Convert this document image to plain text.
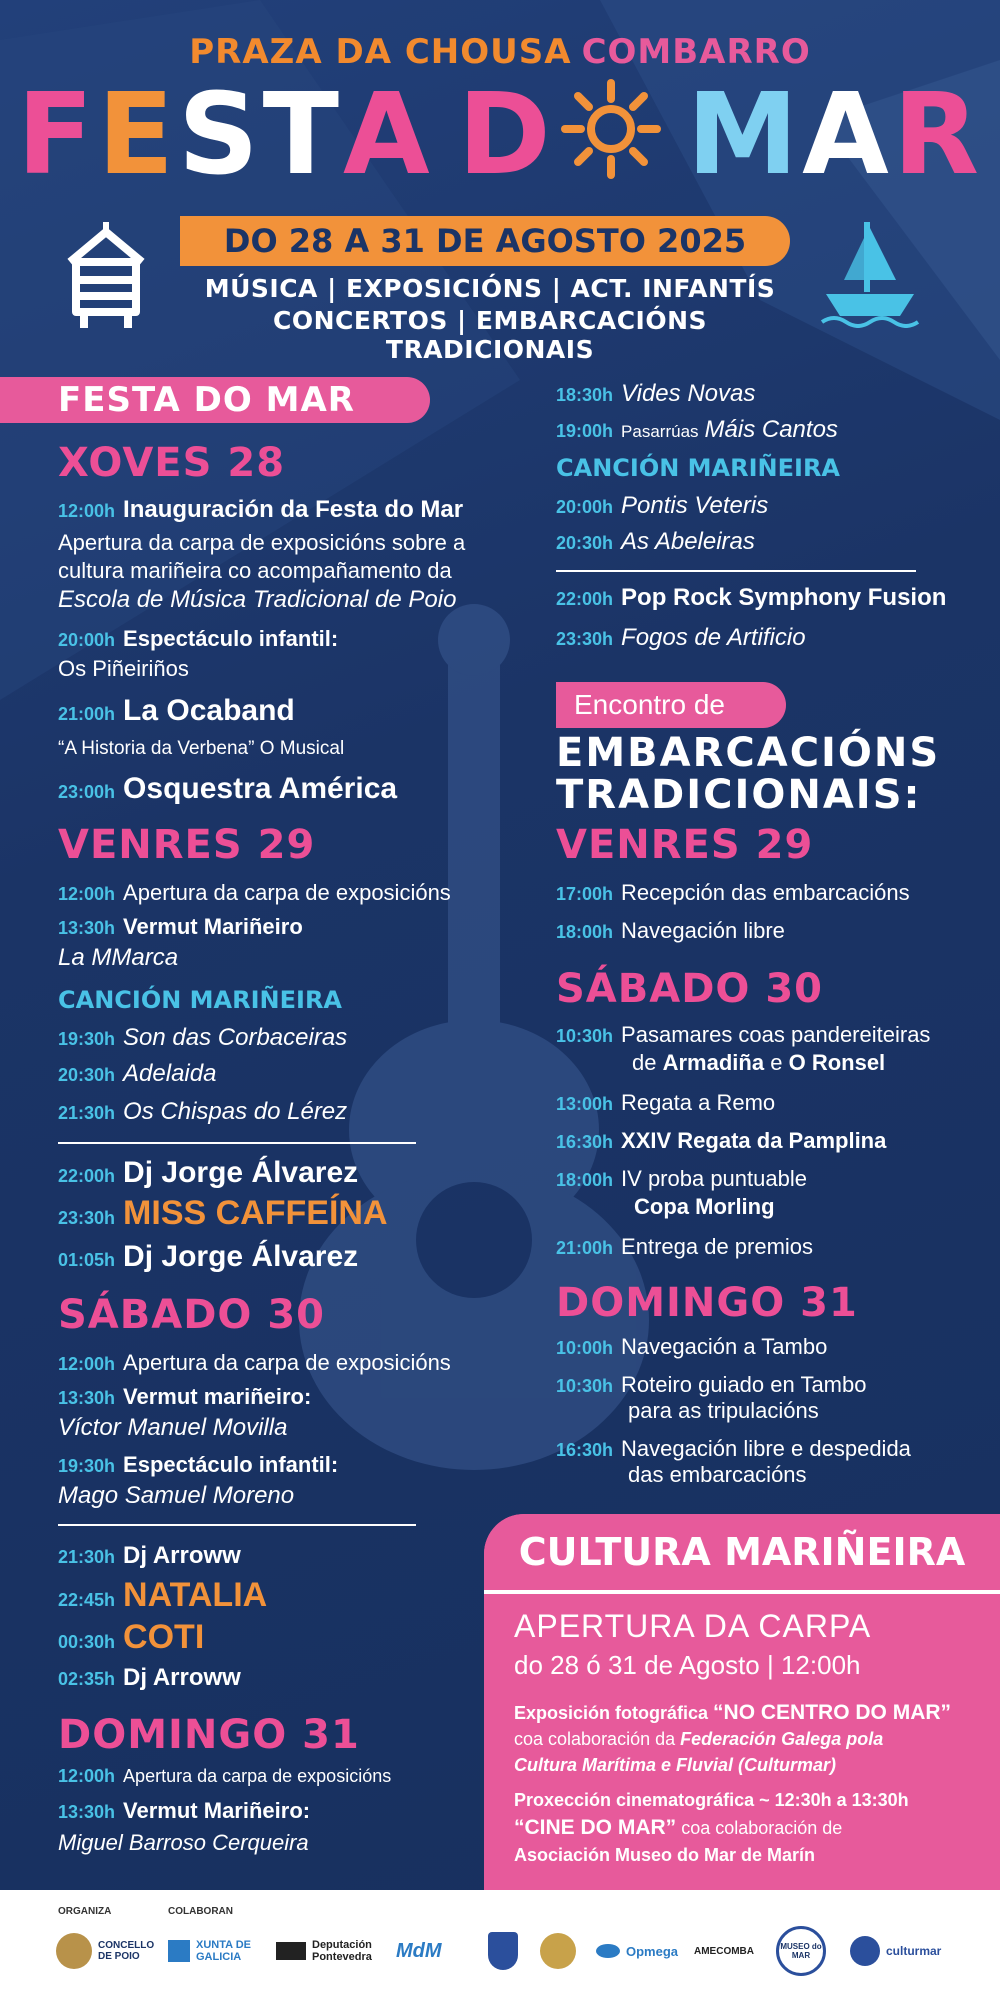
PRAZA DA CHOUSA COMBARRO
FESTA D MAR
DO 28 A 31 DE AGOSTO 2025
MÚSICA | EXPOSICIÓNS | ACT. INFANTÍS
CONCERTOS | EMBARCACIÓNS TRADICIONAIS
FESTA DO MAR
XOVES 28
12:00h Inauguración da Festa do Mar
Apertura da carpa de exposicións sobre a
cultura mariñeira co acompañamento da
Escola de Música Tradicional de Poio
20:00h Espectáculo infantil:
Os Piñeiriños
21:00h La Ocaband
“A Historia da Verbena” O Musical
23:00h Osquestra América
VENRES 29
12:00h Apertura da carpa de exposicións
13:30h Vermut Mariñeiro
La MMarca
CANCIÓN MARIÑEIRA
19:30h Son das Corbaceiras
20:30h Adelaida
21:30h Os Chispas do Lérez
22:00h Dj Jorge Álvarez
23:30h MISS CAFFEÍNA
01:05h Dj Jorge Álvarez
SÁBADO 30
12:00h Apertura da carpa de exposicións
13:30h Vermut mariñeiro:
Víctor Manuel Movilla
19:30h Espectáculo infantil:
Mago Samuel Moreno
21:30h Dj Arroww
22:45h NATALIA
00:30h COTI
02:35h Dj Arroww
DOMINGO 31
12:00h Apertura da carpa de exposicións
13:30h Vermut Mariñeiro:
Miguel Barroso Cerqueira
18:30h Vides Novas
19:00h Pasarrúas Máis Cantos
CANCIÓN MARIÑEIRA
20:00h Pontis Veteris
20:30h As Abeleiras
22:00h Pop Rock Symphony Fusion
23:30h Fogos de Artificio
Encontro de
EMBARCACIÓNS
TRADICIONAIS:
VENRES 29
17:00h Recepción das embarcacións
18:00h Navegación libre
SÁBADO 30
10:30h Pasamares coas pandereiteiras
de Armadiña e O Ronsel
13:00h Regata a Remo
16:30h XXIV Regata da Pamplina
18:00h IV proba puntuable
Copa Morling
21:00h Entrega de premios
DOMINGO 31
10:00h Navegación a Tambo
10:30h Roteiro guiado en Tambo
para as tripulacións
16:30h Navegación libre e despedida
das embarcacións
CULTURA MARIÑEIRA
APERTURA DA CARPA
do 28 ó 31 de Agosto | 12:00h
Exposición fotográfica “NO CENTRO DO MAR”
coa colaboración da Federación Galega pola
Cultura Marítima e Fluvial (Culturmar)
Proxección cinematográfica ~ 12:30h a 13:30h
“CINE DO MAR” coa colaboración de
Asociación Museo do Mar de Marín
ORGANIZA	COLABORAN
CONCELLO DE POIO
XUNTA DE GALICIA
Deputación Pontevedra	MdM	Opmega AMECOMBA	MUSEO do MAR	culturmar
